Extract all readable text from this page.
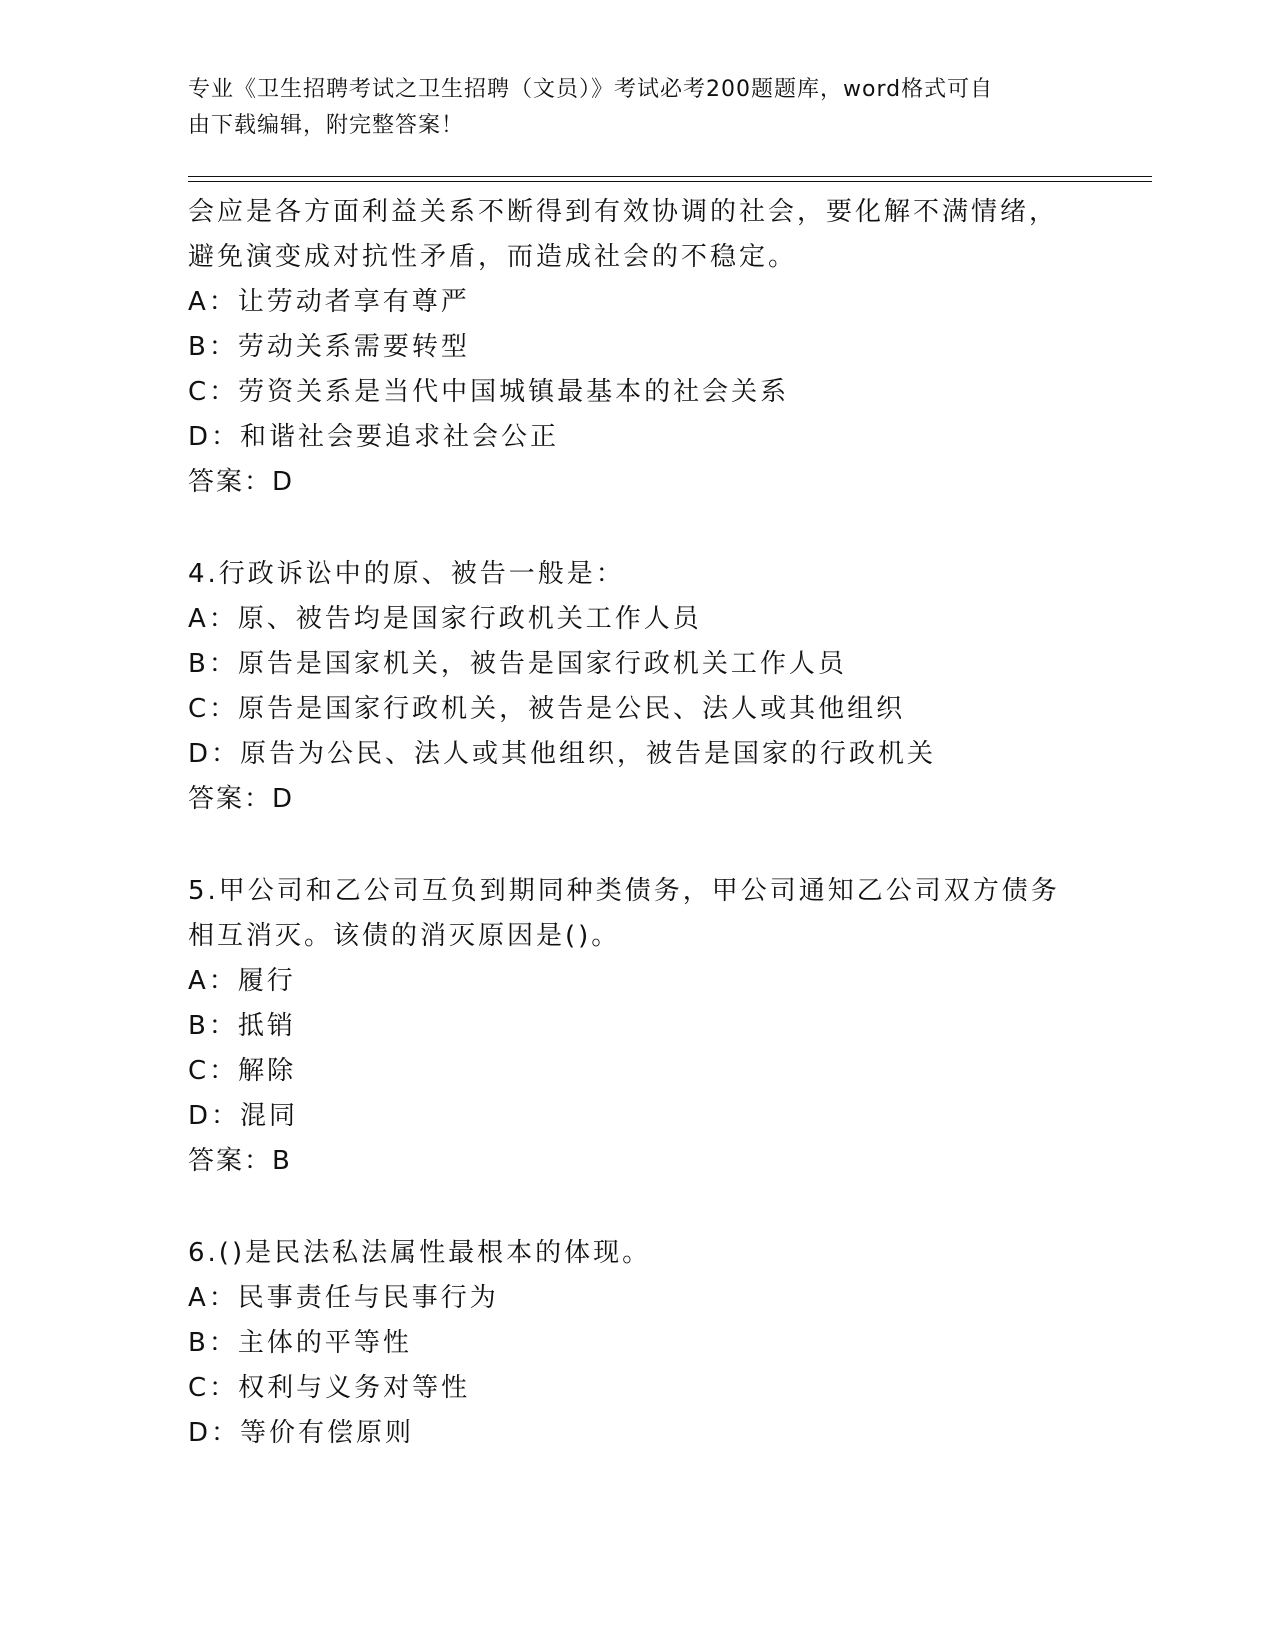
专业《卫生招聘考试之卫生招聘（文员）》考试必考200题题库，word格式可自
由下载编辑，附完整答案！
会应是各方面利益关系不断得到有效协调的社会，要化解不满情绪，
避免演变成对抗性矛盾，而造成社会的不稳定。
A：让劳动者享有尊严
B：劳动关系需要转型
C：劳资关系是当代中国城镇最基本的社会关系
D：和谐社会要追求社会公正
答案：D
4.行政诉讼中的原、被告一般是：
A：原、被告均是国家行政机关工作人员
B：原告是国家机关，被告是国家行政机关工作人员
C：原告是国家行政机关，被告是公民、法人或其他组织
D：原告为公民、法人或其他组织，被告是国家的行政机关
答案：D
5.甲公司和乙公司互负到期同种类债务，甲公司通知乙公司双方债务
相互消灭。该债的消灭原因是()。
A：履行
B：抵销
C：解除
D：混同
答案：B
6.()是民法私法属性最根本的体现。
A：民事责任与民事行为
B：主体的平等性
C：权利与义务对等性
D：等价有偿原则
